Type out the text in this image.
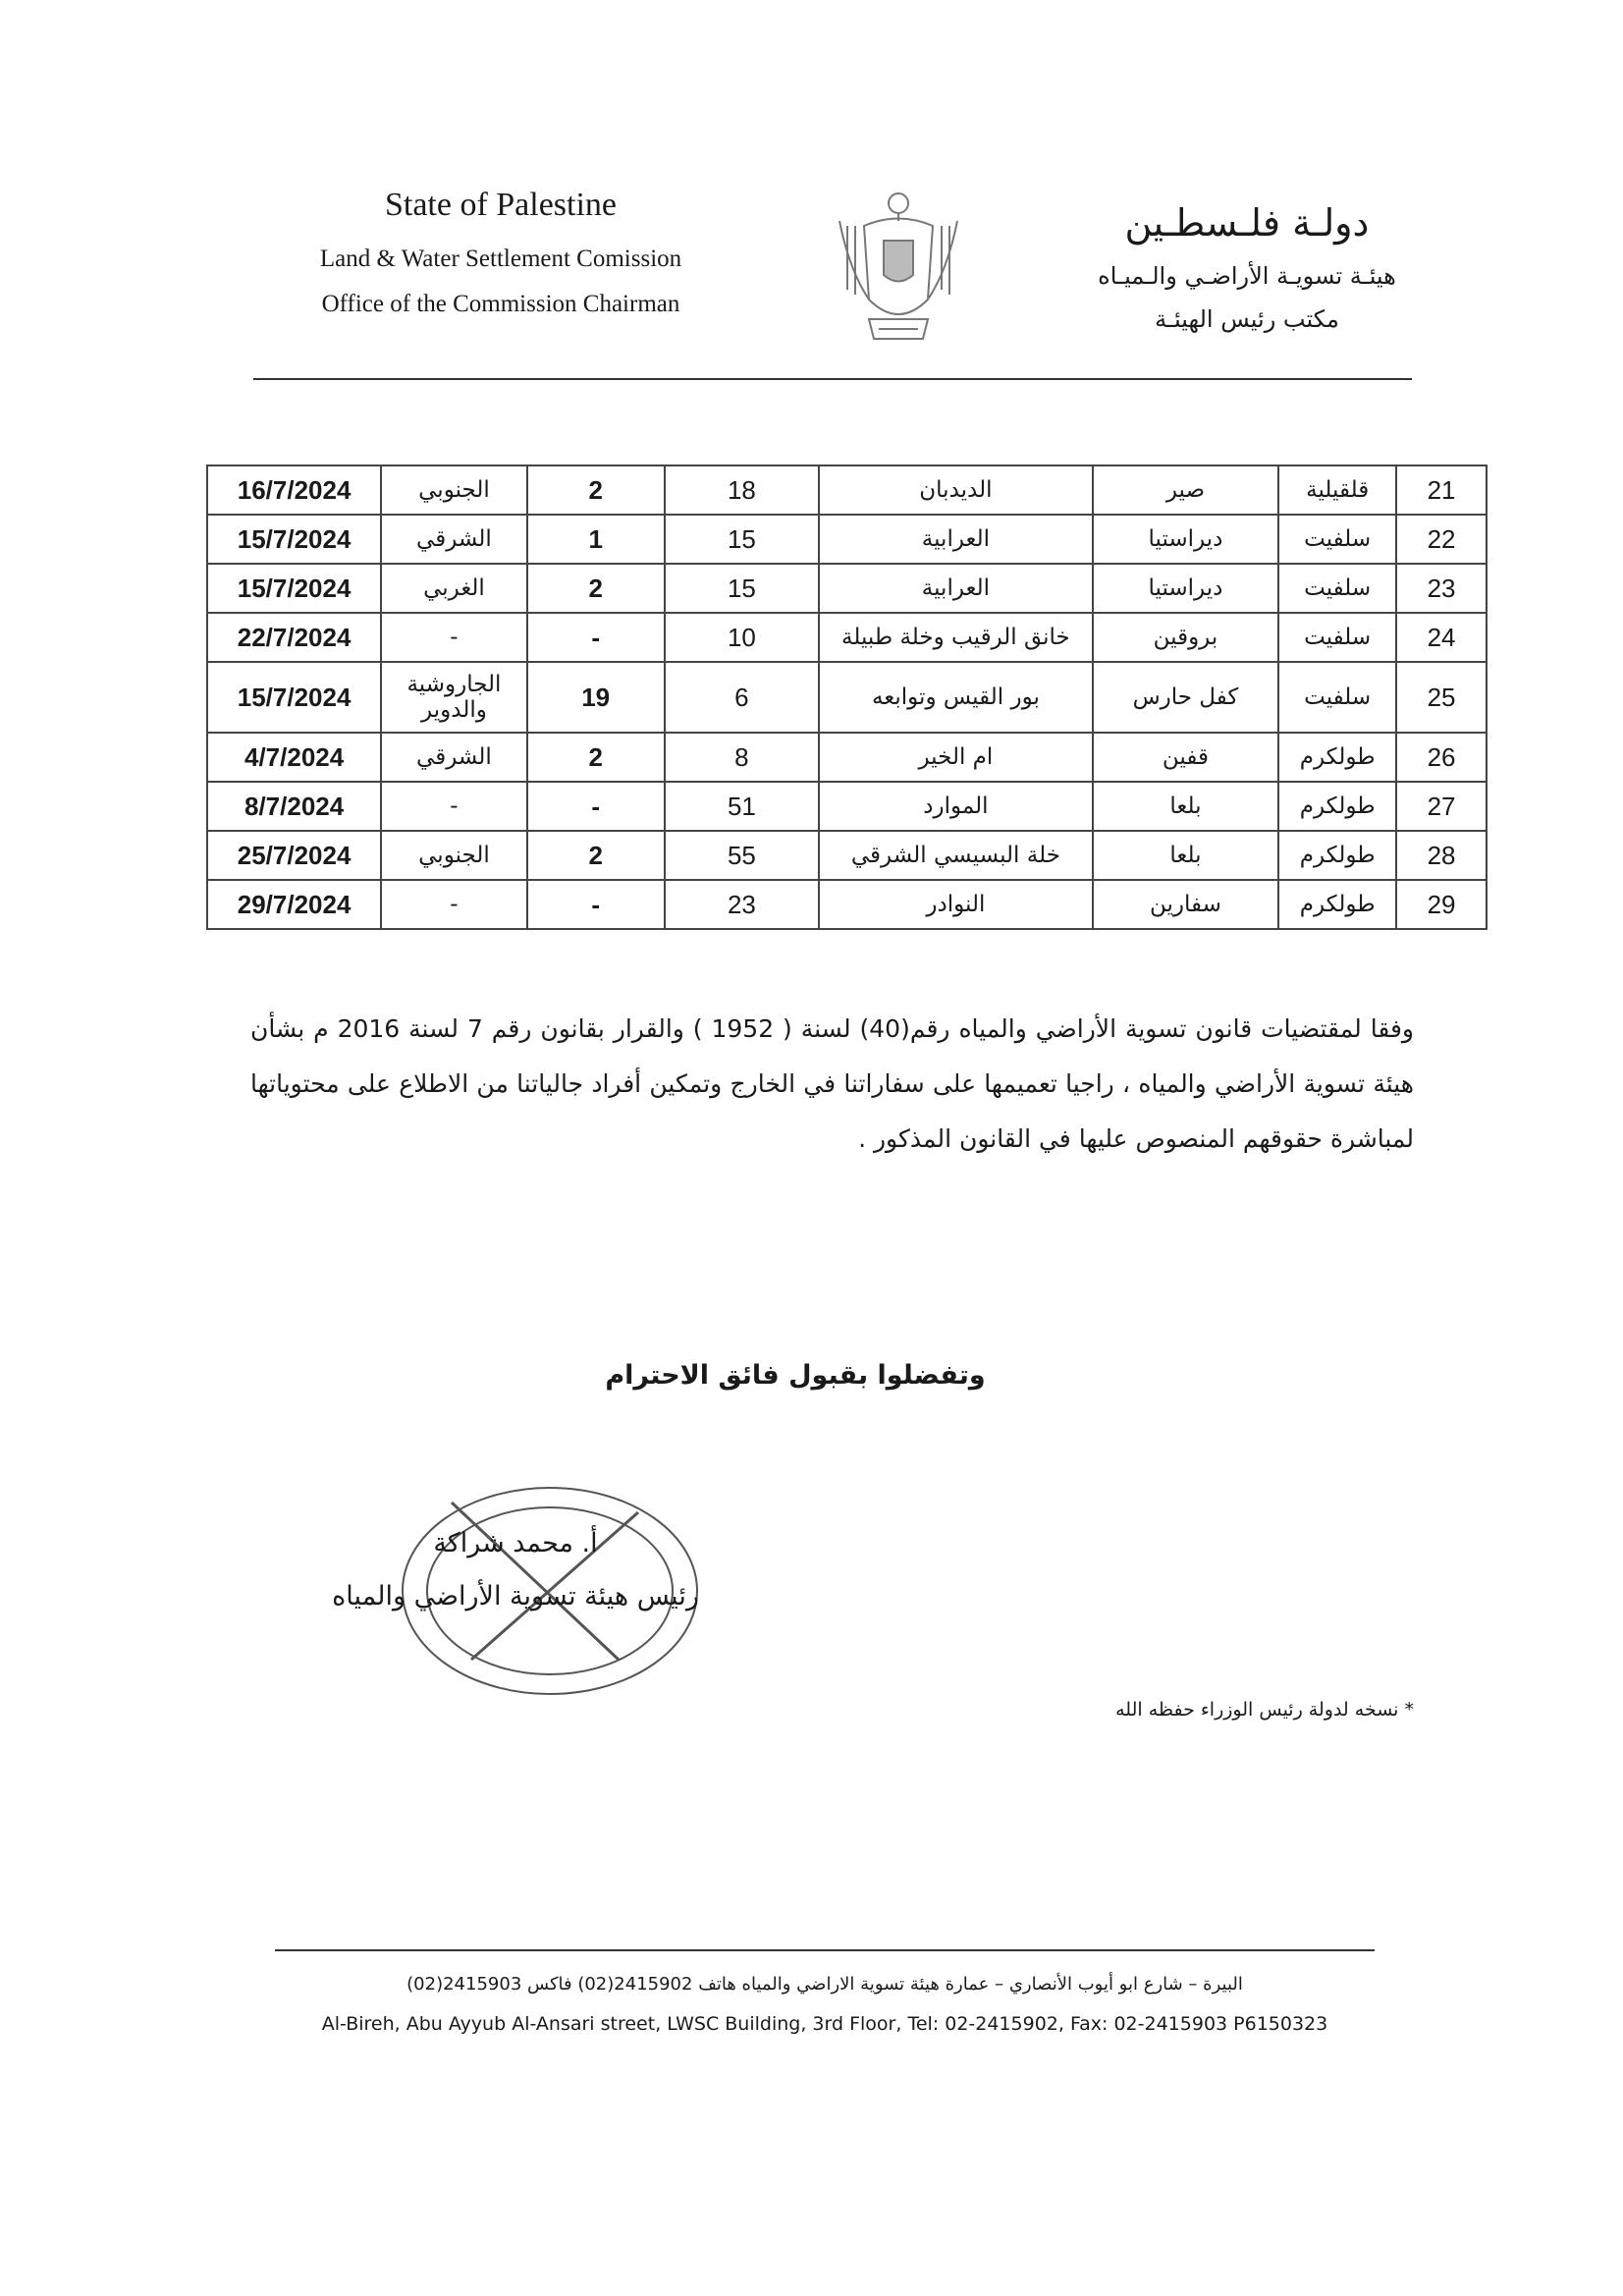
State of Palestine
Land & Water Settlement Comission
Office of the Commission Chairman
دولـة فلـسطـين
هيئـة تسويـة الأراضـي والـميـاه
مكتب رئيس الهيئـة
21	قلقيلية	صير	الديدبان	18	2	الجنوبي	16/7/2024
22	سلفيت	ديراستيا	العرابية	15	1	الشرقي	15/7/2024
23	سلفيت	ديراستيا	العرابية	15	2	الغربي	15/7/2024
24	سلفيت	بروقين	خانق الرقيب وخلة طبيلة	10	-	-	22/7/2024
25	سلفيت	كفل حارس	بور القيس وتوابعه	6	19	الجاروشية والدوير	15/7/2024
26	طولكرم	قفين	ام الخير	8	2	الشرقي	4/7/2024
27	طولكرم	بلعا	الموارد	51	-	-	8/7/2024
28	طولكرم	بلعا	خلة البسيسي الشرقي	55	2	الجنوبي	25/7/2024
29	طولكرم	سفارين	النوادر	23	-	-	29/7/2024
وفقا لمقتضيات قانون تسوية الأراضي والمياه رقم(40) لسنة ( 1952 ) والقرار بقانون رقم 7 لسنة 2016 م بشأن هيئة تسوية الأراضي والمياه ، راجيا تعميمها على سفاراتنا في الخارج وتمكين أفراد جالياتنا من الاطلاع على محتوياتها لمباشرة حقوقهم المنصوص عليها في القانون المذكور .
وتفضلوا بقبول فائق الاحترام
أ. محمد شراكة
رئيس هيئة تسوية الأراضي والمياه
* نسخه لدولة رئيس الوزراء حفظه الله
البيرة – شارع ابو أيوب الأنصاري – عمارة هيئة تسوية الاراضي والمياه هاتف 2415902(02) فاكس 2415903(02)
Al-Bireh, Abu Ayyub Al-Ansari street, LWSC Building, 3rd Floor, Tel: 02-2415902, Fax: 02-2415903 P6150323
